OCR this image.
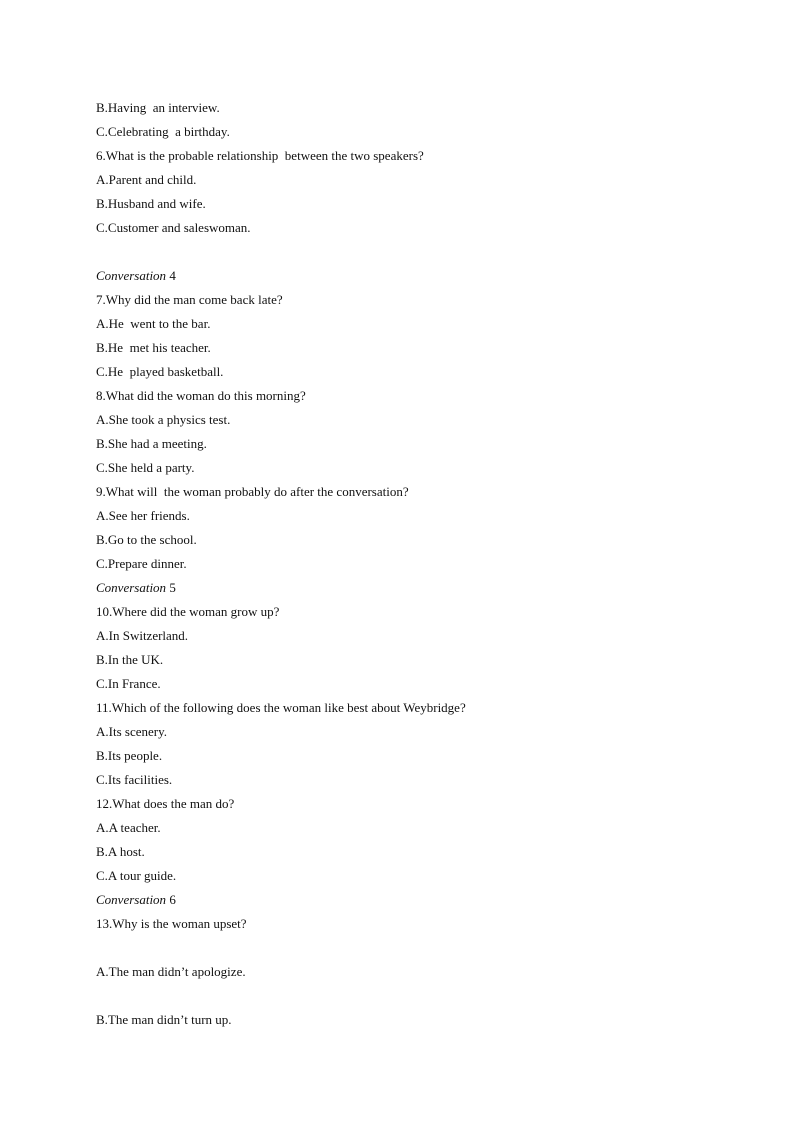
B.Having  an interview.
C.Celebrating  a birthday.
6.What is the probable relationship  between the two speakers?
A.Parent and child.
B.Husband and wife.
C.Customer and saleswoman.
Conversation 4
7.Why did the man come back late?
A.He  went to the bar.
B.He  met his teacher.
C.He  played basketball.
8.What did the woman do this morning?
A.She took a physics test.
B.She had a meeting.
C.She held a party.
9.What will  the woman probably do after the conversation?
A.See her friends.
B.Go to the school.
C.Prepare dinner.
Conversation 5
10.Where did the woman grow up?
A.In Switzerland.
B.In the UK.
C.In France.
11.Which of the following does the woman like best about Weybridge?
A.Its scenery.
B.Its people.
C.Its facilities.
12.What does the man do?
A.A teacher.
B.A host.
C.A tour guide.
Conversation 6
13.Why is the woman upset?
A.The man didn’t apologize.
B.The man didn’t turn up.
